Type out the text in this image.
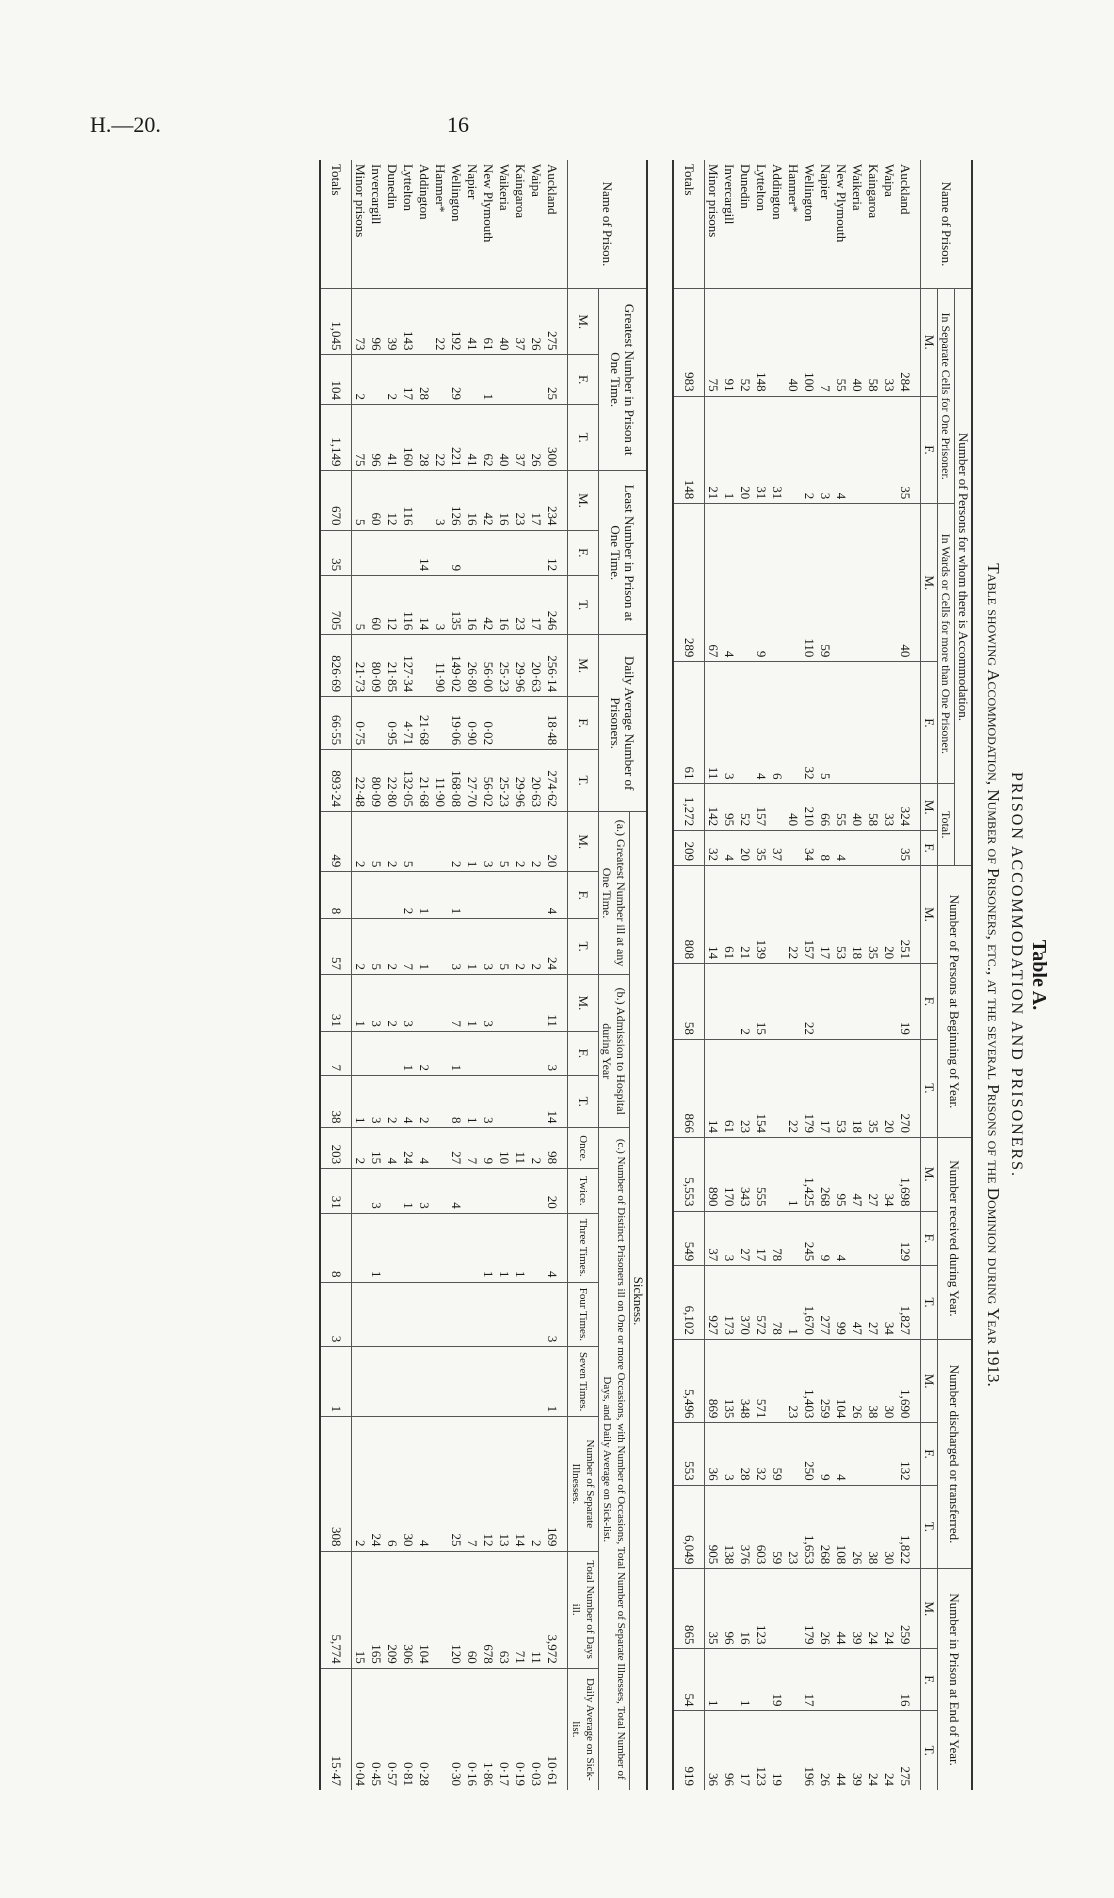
H.—20.	16
Table A.
PRISON ACCOMMODATION AND PRISONERS.
Table showing Accommodation, Number of Prisoners, etc., at the several Prisons of the Dominion during Year 1913.
Name of Prison.	Number of Persons for whom there is Accommodation.						Number of Persons at Beginning of Year.			Number received during Year.			Number discharged or transferred.			Number in Prison at End of Year.		
	In Separate Cells for One Prisoner.		In Wards or Cells for more than One Prisoner.		Total.													
	M.	F.	M.	F.	M.	F.	M.	F.	T.	M.	F.	T.	M.	F.	T.	M.	F.	T.
Auckland	284	35	40		324	35	251	19	270	1,698	129	1,827	1,690	132	1,822	259	16	275
Waipa	33				33		20		20	34		34	30		30	24		24
Kaingaroa	58				58		35		35	27		27	38		38	24		24
Waikeria	40				40		18		18	47		47	26		26	39		39
New Plymouth	55	4			55	4	53		53	95	4	99	104	4	108	44		44
Napier	7	3	59	5	66	8	17		17	268	9	277	259	9	268	26		26
Wellington	100	2	110	32	210	34	157	22	179	1,425	245	1,670	1,403	250	1,653	179	17	196
Hanmer*	40				40		22		22	1		1	23		23			
Addington		31		6		37					78	78		59	59		19	19
Lyttelton	148	31	9	4	157	35	139	15	154	555	17	572	571	32	603	123		123
Dunedin	52	20			52	20	21	2	23	343	27	370	348	28	376	16	1	17
Invercargill	91	1	4	3	95	4	61		61	170	3	173	135	3	138	96		96
Minor prisons	75	21	67	11	142	32	14		14	890	37	927	869	36	905	35	1	36
Totals	983	148	289	61	1,272	209	808	58	866	5,553	549	6,102	5,496	553	6,049	865	54	919
Name of Prison.	Greatest Number in Prison at One Time.			Least Number in Prison at One Time.			Daily Average Number of Prisoners.			Sickness.													
										(a.) Greatest Number ill at any One Time.			(b.) Admission to Hospital during Year			(c.) Number of Distinct Prisoners ill on One or more Occasions, with Number of Occasions, Total Number of Separate Illnesses, Total Number of Days, and Daily Average on Sick-list.							
																Once.	Twice.	Three Times.	Four Times.	Seven Times.	Number of Separate Illnesses.	Total Number of Days ill.	Daily Average on Sick-list.
	M.	F.	T.	M.	F.	T.	M.	F.	T.	M.	F.	T.	M.	F.	T.								
Auckland	275	25	300	234	12	246	256·14	18·48	274·62	20	4	24	11	3	14	98	20	4	3	1	169	3,972	10·61
Waipa	26		26	17		17	20·63		20·63	2		2				2					2	11	0·03
Kaingaroa	37		37	23		23	29·96		29·96	2		2				11		1			14	71	0·19
Waikeria	40		40	16		16	25·23		25·23	5		5				10		1			13	63	0·17
New Plymouth	61	1	62	42		42	56·00	0·02	56·02	3		3	3		3	9		1			12	678	1·86
Napier	41		41	16		16	26·80	0·90	27·70	1		1	1		1	7					7	60	0·16
Wellington	192	29	221	126	9	135	149·02	19·06	168·08	2	1	3	7	1	8	27	4				25	120	0·30
Hanmer*	22		22	3		3	11·90		11·90														
Addington		28	28		14	14		21·68	21·68		1	1		2	2	4	3				4	104	0·28
Lyttelton	143	17	160	116		116	127·34	4·71	132·05	5	2	7	3	1	4	24	1				30	306	0·81
Dunedin	39	2	41	12		12	21·85	0·95	22·80	2		2	2		2	4					6	209	0·57
Invercargill	96		96	60		60	80·09		80·09	5		5	3		3	15	3	1			24	165	0·45
Minor prisons	73	2	75	5		5	21·73	0·75	22·48	2		2	1		1	2					2	15	0·04
Totals	1,045	104	1,149	670	35	705	826·69	66·55	893·24	49	8	57	31	7	38	203	31	8	3	1	308	5,774	15·47
